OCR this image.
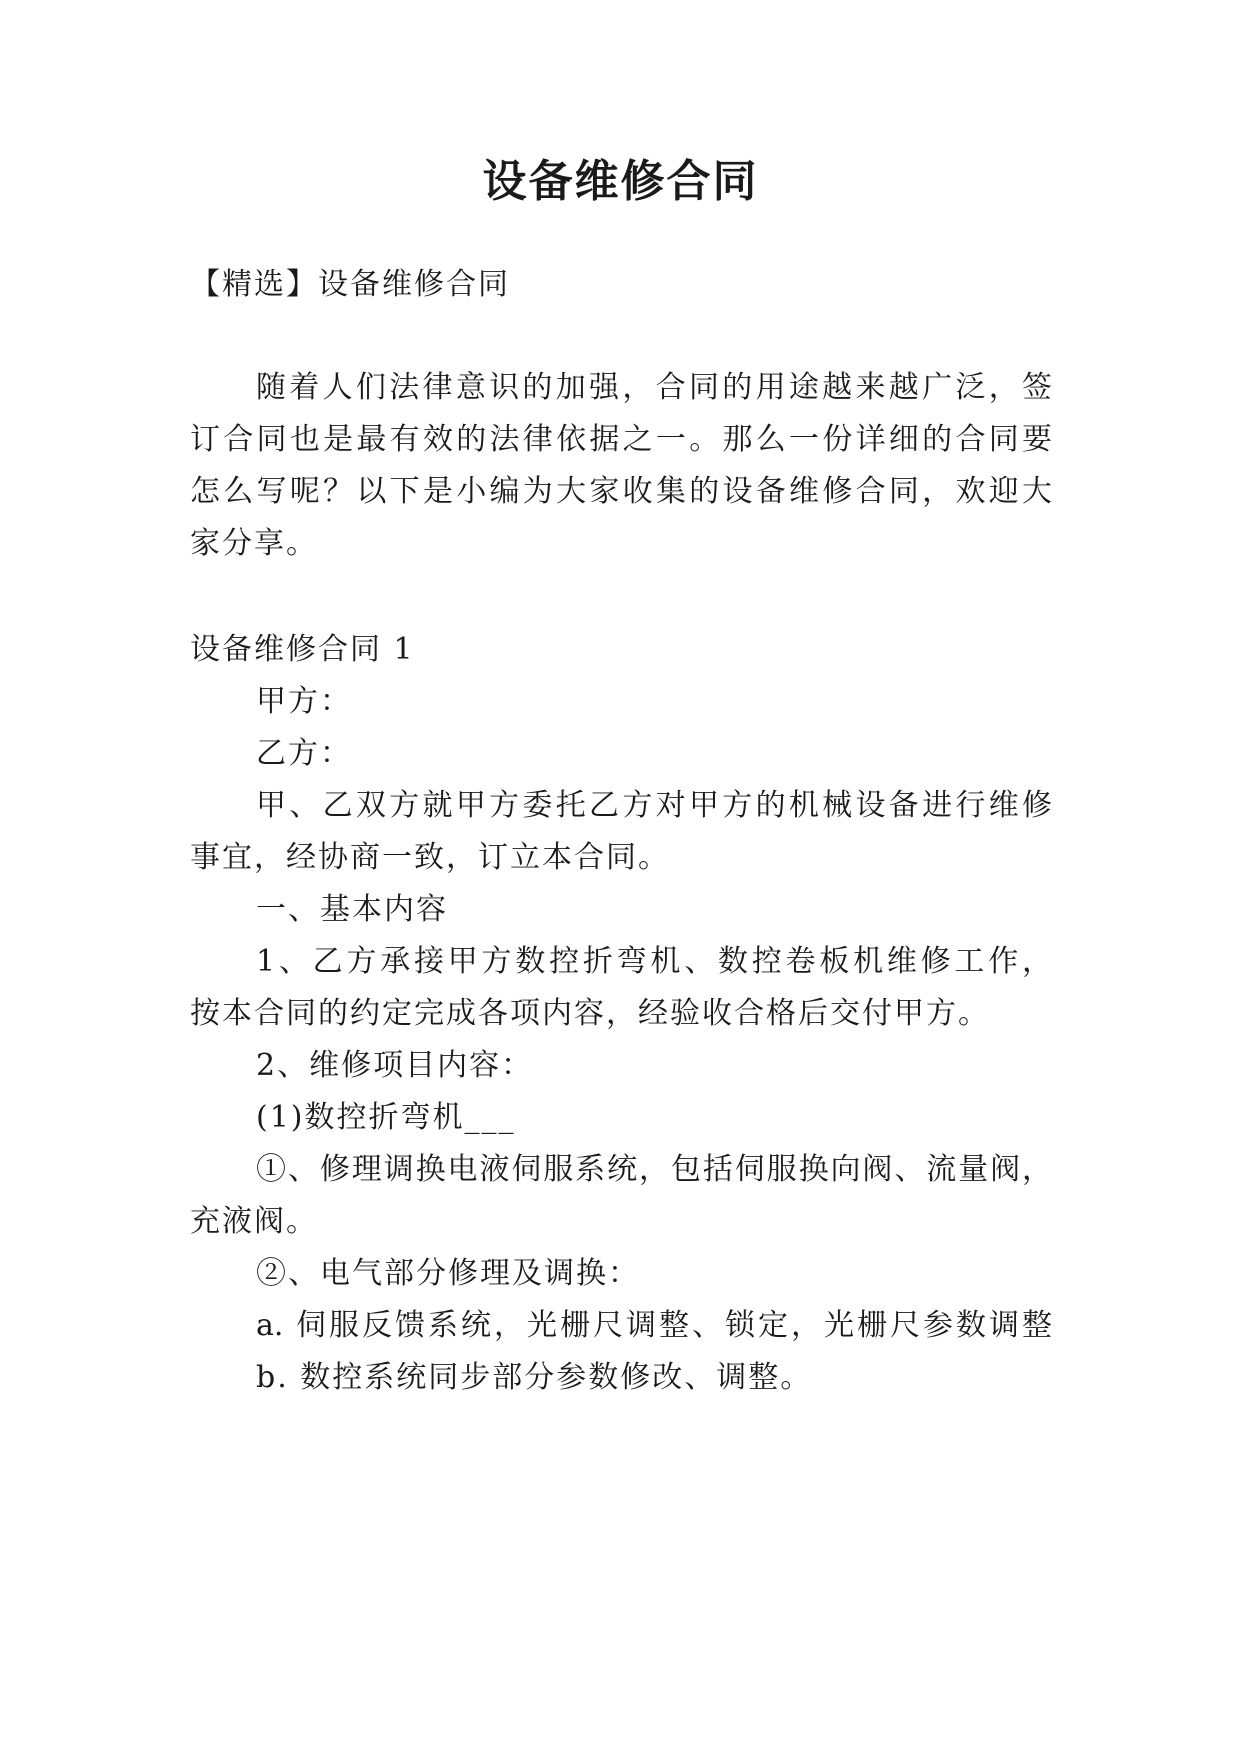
设备维修合同
【精选】设备维修合同
随着人们法律意识的加强，合同的用途越来越广泛，签
订合同也是最有效的法律依据之一。那么一份详细的合同要
怎么写呢？以下是小编为大家收集的设备维修合同，欢迎大
家分享。
设备维修合同 1
甲方：
乙方：
甲、乙双方就甲方委托乙方对甲方的机械设备进行维修
事宜，经协商一致，订立本合同。
一、基本内容
1、乙方承接甲方数控折弯机、数控卷板机维修工作，
按本合同的约定完成各项内容，经验收合格后交付甲方。
2、维修项目内容：
(1)数控折弯机___
①、修理调换电液伺服系统，包括伺服换向阀、流量阀，
充液阀。
②、电气部分修理及调换：
a. 伺服反馈系统，光栅尺调整、锁定，光栅尺参数调整
b. 数控系统同步部分参数修改、调整。
